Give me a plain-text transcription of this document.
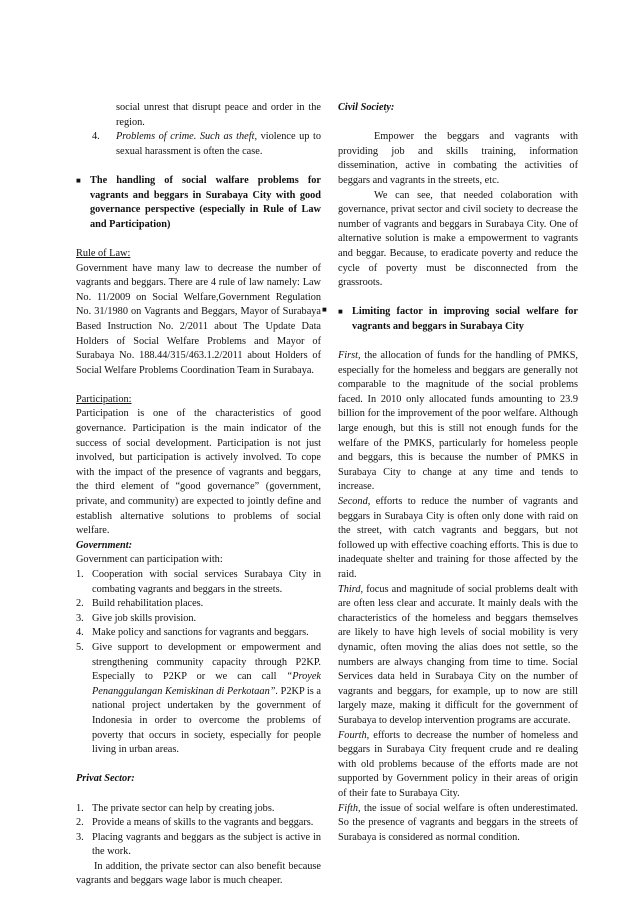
social unrest that disrupt peace and order in the region.

4.	Problems of crime. Such as theft, violence up to sexual harassment is often the case.
■ The handling of social walfare problems for vagrants and beggars in Surabaya City with good governance perspective (especially in Rule of Law and Participation)

Rule of Law:

Government have many law to decrease the number of vagrants and beggars. There are 4 rule of law namely: Law No. 11/2009 on Social Welfare,Government Regulation No. 31/1980 on Vagrants and Beggars, Mayor of Surabaya Based Instruction No. 2/2011 about The Update Data Holders of Social Welfare Problems and Mayor of Surabaya No. 188.44/315/463.1.2/2011 about Holders of Social Welfare Problems Coordination Team in Surabaya.

Participation:

Participation is one of the characteristics of good governance. Participation is the main indicator of the success of social development. Participation is not just involved, but participation is actively involved. To cope with the impact of the presence of vagrants and beggars, the third element of “good governance” (government, private, and community) are expected to jointly define and establish alternative solutions to problems of social welfare.

Government:

Government can participation with:

1. Cooperation with social services Surabaya City in combating vagrants and beggars in the streets.
2. Build rehabilitation places.
3. Give job skills provision.
4. Make policy and sanctions for vagrants and beggars.
5. Give support to development or empowerment and strengthening community capacity through P2KP. Especially to P2KP or we can call “Proyek Penanggulangan Kemiskinan di Perkotaan”. P2KP is a national project undertaken by the government of Indonesia in order to overcome the problems of poverty that occurs in society, especially for people living in urban areas.

Privat Sector:

1. The private sector can help by creating jobs.
2. Provide a means of skills to the vagrants and beggars.
3. Placing vagrants and beggars as the subject is active in the work.

In addition, the private sector can also benefit because vagrants and beggars wage labor is much cheaper.

■

Civil Society:

Empower the beggars and vagrants with providing job and skills training, information dissemination, active in combating the activities of beggars and vagrants in the streets, etc.

We can see, that needed colaboration with governance, privat sector and civil society to decrease the number of vagrants and beggars in Surabaya City. One of alternative solution is make a empowerment to vagrants and beggar. Because, to eradicate poverty and reduce the cycle of poverty must be disconnected from the grassroots.

■ Limiting factor in improving social welfare for vagrants and beggars in Surabaya City

First, the allocation of funds for the handling of PMKS, especially for the homeless and beggars are generally not comparable to the magnitude of the social problems faced. In 2010 only allocated funds amounting to 23.9 billion for the improvement of the poor welfare. Although large enough, but this is still not enough funds for the welfare of the PMKS, particularly for homeless people and beggars, this is because the number of PMKS in Surabaya City to change at any time and tends to increase.

Second, efforts to reduce the number of vagrants and beggars in Surabaya City is often only done with raid on the street, with catch vagrants and beggars, but not followed up with effective coaching efforts. This is due to inadequate shelter and training for those affected by the raid.

Third, focus and magnitude of social problems dealt with are often less clear and accurate. It mainly deals with the characteristics of the homeless and beggars themselves are likely to have high levels of social mobility is very dynamic, often moving the alias does not settle, so the numbers are always changing from time to time. Social Services data held in Surabaya City on the number of vagrants and beggars, for example, up to now are still largely maze, making it difficult for the government of Surabaya to develop intervention programs are accurate.

Fourth, efforts to decrease the number of homeless and beggars in Surabaya City frequent crude and re dealing with old problems because of the efforts made are not supported by Government policy in their areas of origin of their fate to Surabaya City.

Fifth, the issue of social welfare is often underestimated. So the presence of vagrants and beggars in the streets of Surabaya is considered as normal condition.
